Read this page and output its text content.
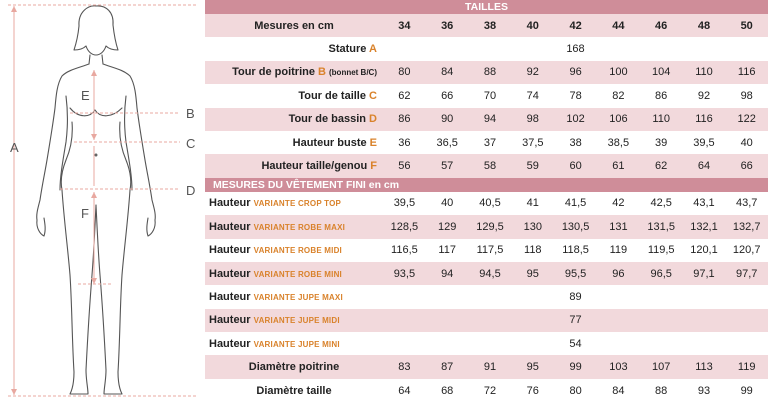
A
B
C
D
E
F
TAILLES									
Mesures en cm	34	36	38	40	42	44	46	48	50
Stature A	168								
Tour de poitrine B (bonnet B/C)	80	84	88	92	96	100	104	110	116
Tour de taille C	62	66	70	74	78	82	86	92	98
Tour de bassin D	86	90	94	98	102	106	110	116	122
Hauteur buste E	36	36,5	37	37,5	38	38,5	39	39,5	40
Hauteur taille/genou F	56	57	58	59	60	61	62	64	66
MESURES DU VÊTEMENT FINI en cm									
Hauteur VARIANTE CROP TOP	39,5	40	40,5	41	41,5	42	42,5	43,1	43,7
Hauteur VARIANTE ROBE MAXI	128,5	129	129,5	130	130,5	131	131,5	132,1	132,7
Hauteur VARIANTE ROBE MIDI	116,5	117	117,5	118	118,5	119	119,5	120,1	120,7
Hauteur VARIANTE ROBE MINI	93,5	94	94,5	95	95,5	96	96,5	97,1	97,7
Hauteur VARIANTE JUPE MAXI	89								
Hauteur VARIANTE JUPE MIDI	77								
Hauteur VARIANTE JUPE MINI	54								
Diamètre poitrine	83	87	91	95	99	103	107	113	119
Diamètre taille	64	68	72	76	80	84	88	93	99
